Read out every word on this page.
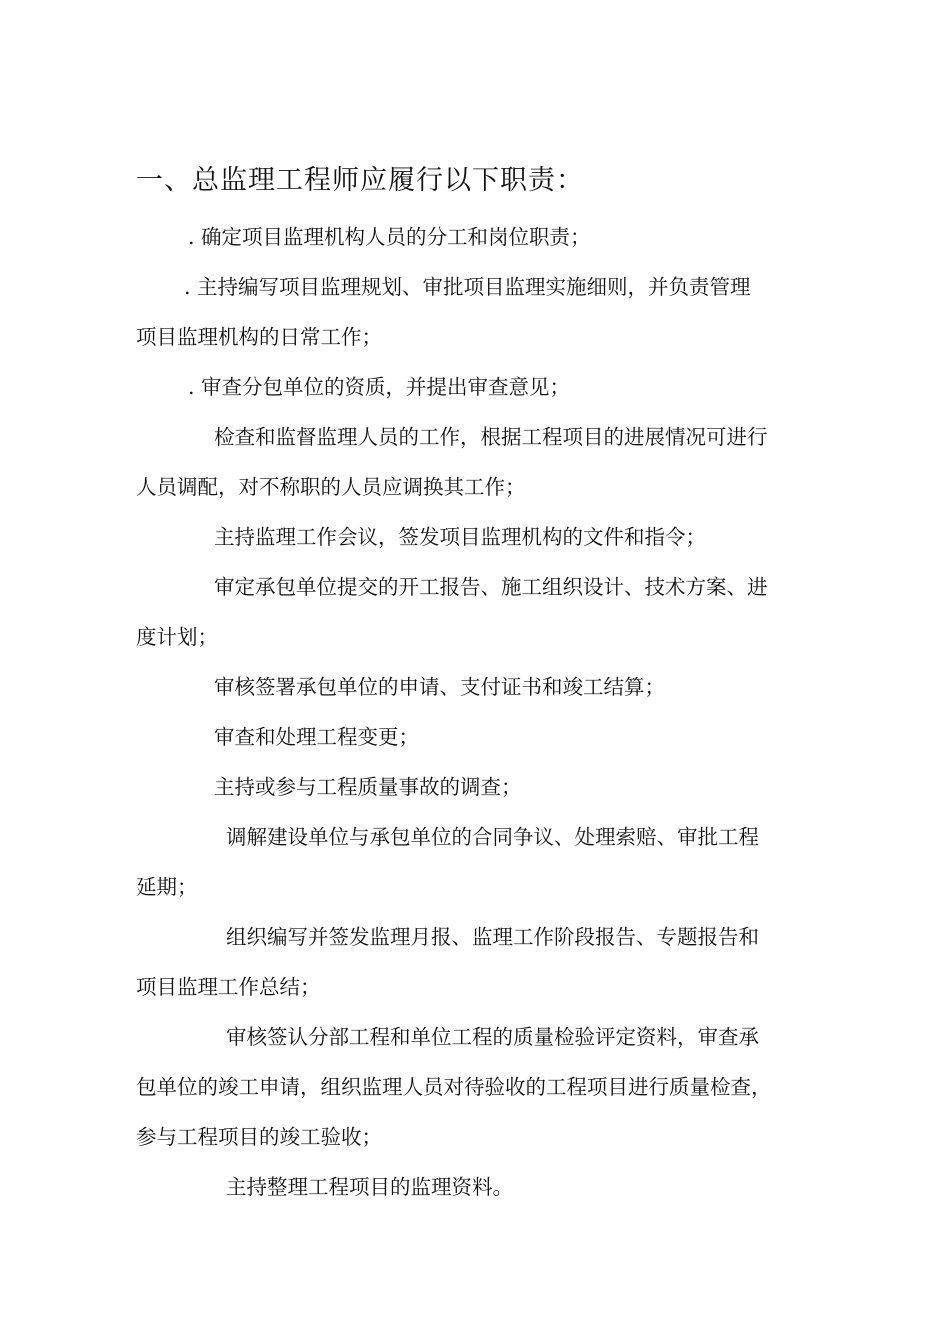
一、总监理工程师应履行以下职责：
. 确定项目监理机构人员的分工和岗位职责；
. 主持编写项目监理规划、审批项目监理实施细则，并负责管理
项目监理机构的日常工作；
. 审查分包单位的资质，并提出审查意见；
检查和监督监理人员的工作，根据工程项目的进展情况可进行
人员调配，对不称职的人员应调换其工作；
主持监理工作会议，签发项目监理机构的文件和指令；
审定承包单位提交的开工报告、施工组织设计、技术方案、进
度计划；
审核签署承包单位的申请、支付证书和竣工结算；
审查和处理工程变更；
主持或参与工程质量事故的调查；
调解建设单位与承包单位的合同争议、处理索赔、审批工程
延期；
组织编写并签发监理月报、监理工作阶段报告、专题报告和
项目监理工作总结；
审核签认分部工程和单位工程的质量检验评定资料，审查承
包单位的竣工申请，组织监理人员对待验收的工程项目进行质量检查，
参与工程项目的竣工验收；
主持整理工程项目的监理资料。
